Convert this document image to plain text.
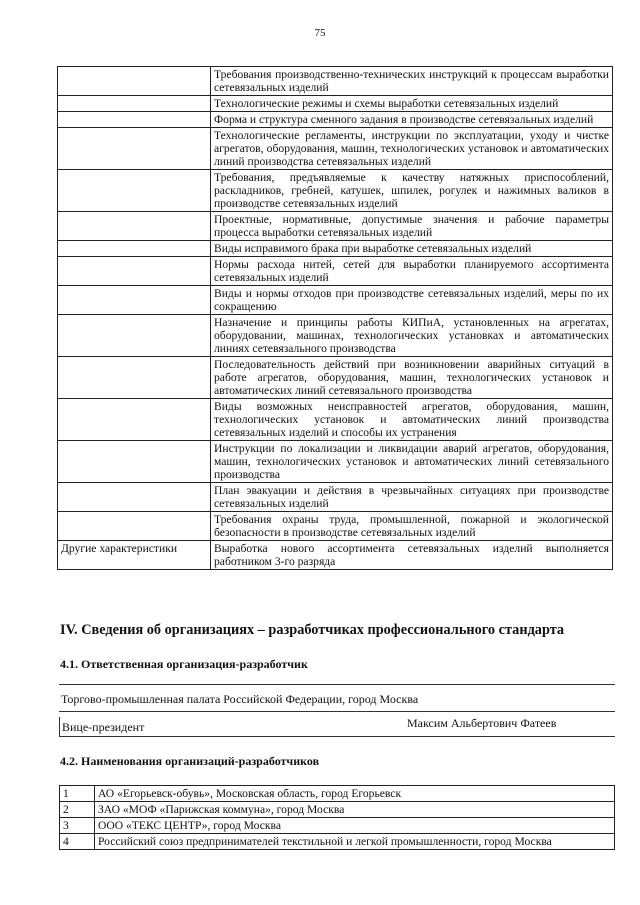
75
	Требования производственно-технических инструкций к процессам выработки сетевязальных изделий
	Технологические режимы и схемы выработки сетевязальных изделий
	Форма и структура сменного задания в производстве сетевязальных изделий
	Технологические регламенты, инструкции по эксплуатации, уходу и чистке агрегатов, оборудования, машин, технологических установок и автоматических линий производства сетевязальных изделий
	Требования, предъявляемые к качеству натяжных приспособлений, раскладников, гребней, катушек, шпилек, рогулек и нажимных валиков в производстве сетевязальных изделий
	Проектные, нормативные, допустимые значения и рабочие параметры процесса выработки сетевязальных изделий
	Виды исправимого брака при выработке сетевязальных изделий
	Нормы расхода нитей, сетей для выработки планируемого ассортимента сетевязальных изделий
	Виды и нормы отходов при производстве сетевязальных изделий, меры по их сокращению
	Назначение и принципы работы КИПиА, установленных на агрегатах, оборудовании, машинах, технологических установках и автоматических линиях сетевязального производства
	Последовательность действий при возникновении аварийных ситуаций в работе агрегатов, оборудования, машин, технологических установок и автоматических линий сетевязального производства
	Виды возможных неисправностей агрегатов, оборудования, машин, технологических установок и автоматических линий производства сетевязальных изделий и способы их устранения
	Инструкции по локализации и ликвидации аварий агрегатов, оборудования, машин, технологических установок и автоматических линий сетевязального производства
	План эвакуации и действия в чрезвычайных ситуациях при производстве сетевязальных изделий
	Требования охраны труда, промышленной, пожарной и экологической безопасности в производстве сетевязальных изделий
Другие характеристики	Выработка нового ассортимента сетевязальных изделий выполняется работником 3-го разряда
IV. Сведения об организациях – разработчиках профессионального стандарта
4.1. Ответственная организация-разработчик
Торгово-промышленная палата Российской Федерации, город Москва
Вице-президент	Максим Альбертович Фатеев
4.2. Наименования организаций-разработчиков
1	АО «Егорьевск-обувь», Московская область, город Егорьевск
2	ЗАО «МОФ «Парижская коммуна», город Москва
3	ООО «ТЕКС ЦЕНТР», город Москва
4	Российский союз предпринимателей текстильной и легкой промышленности, город Москва
